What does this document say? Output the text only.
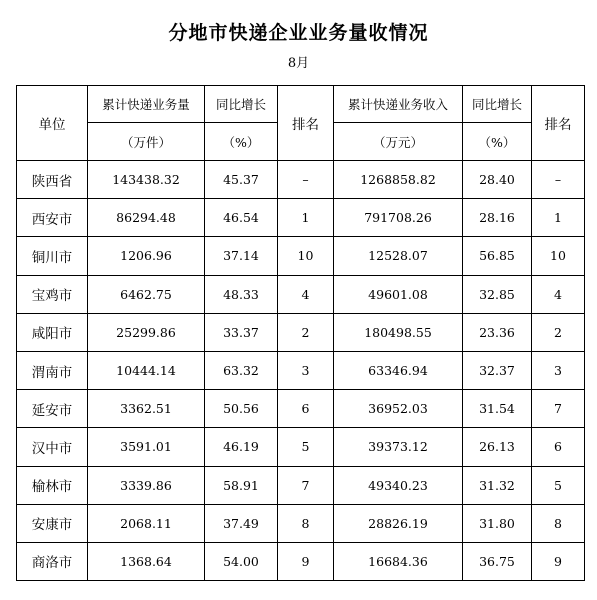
分地市快递企业业务量收情况
8月
单位	累计快递业务量	同比增长	排名	累计快递业务收入	同比增长	排名
	（万件）	（%）		（万元）	（%）	
陕西省	143438.32	45.37	–	1268858.82	28.40	–
西安市	86294.48	46.54	1	791708.26	28.16	1
铜川市	1206.96	37.14	10	12528.07	56.85	10
宝鸡市	6462.75	48.33	4	49601.08	32.85	4
咸阳市	25299.86	33.37	2	180498.55	23.36	2
渭南市	10444.14	63.32	3	63346.94	32.37	3
延安市	3362.51	50.56	6	36952.03	31.54	7
汉中市	3591.01	46.19	5	39373.12	26.13	6
榆林市	3339.86	58.91	7	49340.23	31.32	5
安康市	2068.11	37.49	8	28826.19	31.80	8
商洛市	1368.64	54.00	9	16684.36	36.75	9
